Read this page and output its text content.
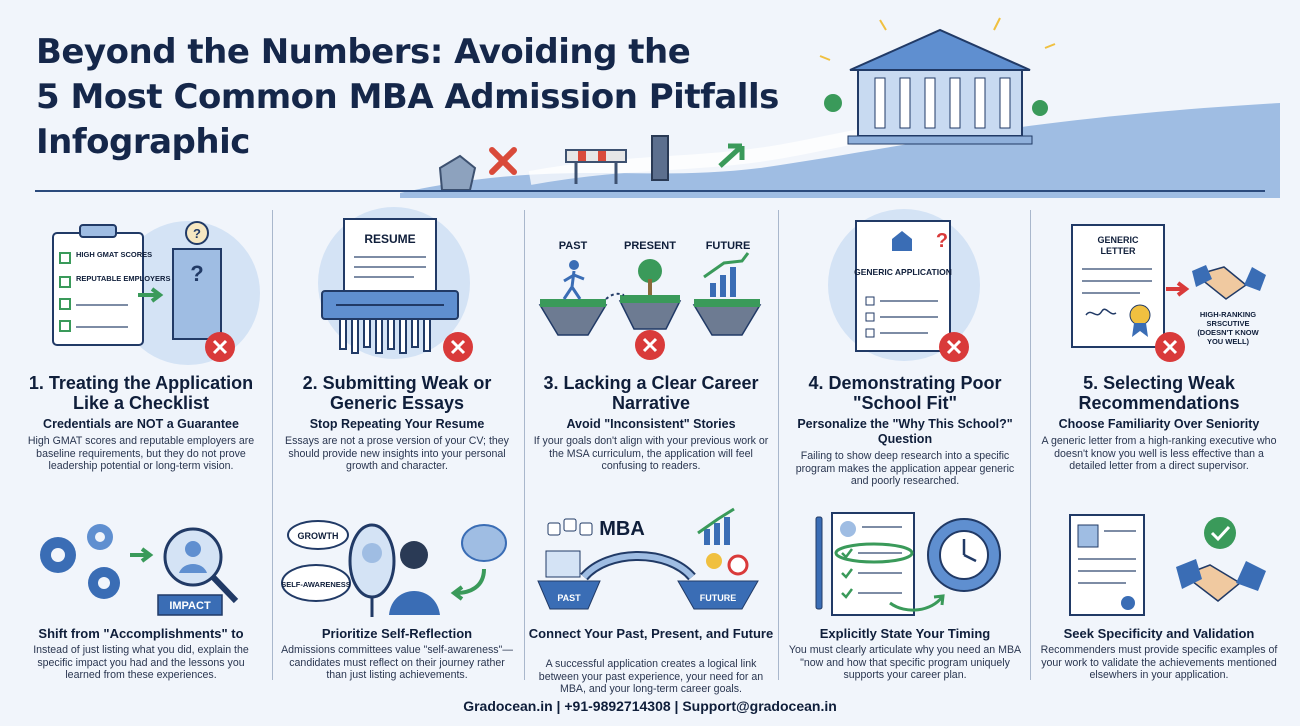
Beyond the Numbers: Avoiding the
5 Most Common MBA Admission Pitfalls
Infographic
HIGH GMAT SCORES
REPUTABLE EMPLOYERS ?
?
1. Treating the Application Like a Checklist
Credentials are NOT a Guarantee
High GMAT scores and reputable employers are baseline requirements, but they do not prove leadership potential or long-term vision.
IMPACT
Shift from "Accomplishments" to
Instead of just listing what you did, explain the specific impact you had and the lessons you learned from these experiences.
RESUME
2. Submitting Weak or Generic Essays
Stop Repeating Your Resume
Essays are not a prose version of your CV; they should provide new insights into your personal growth and character.
GROWTH
SELF-AWARENESS
Prioritize Self-Reflection
Admissions committees value "self-awareness"—candidates must reflect on their journey rather than just listing achievements.
PAST	PRESENT	FUTURE
3. Lacking a Clear Career Narrative
Avoid "Inconsistent" Stories
If your goals don't align with your previous work or the MSA curriculum, the application will feel confusing to readers.
MBA
PAST	FUTURE
Connect Your Past, Present, and Future
A successful application creates a logical link between your past experience, your need for an MBA, and your long-term career goals.
?
GENERIC APPLICATION
4. Demonstrating Poor "School Fit"
Personalize the "Why This School?" Question
Failing to show deep research into a specific program makes the application appear generic and poorly researched.
Explicitly State Your Timing
You must clearly articulate why you need an MBA "now and how that specific program uniquely supports your career plan.
GENERIC LETTER
HIGH-RANKING SRSCUTIVE (DOESN'T KNOW YOU WELL)
5. Selecting Weak Recommendations
Choose Familiarity Over Seniority
A generic letter from a high-ranking executive who doesn't know you well is less effective than a detailed letter from a direct supervisor.
Seek Specificity and Validation
Recommenders must provide specific examples of your work to validate the achievements mentioned elsewhers in your application.
Gradocean.in | +91-9892714308 | Support@gradocean.in
